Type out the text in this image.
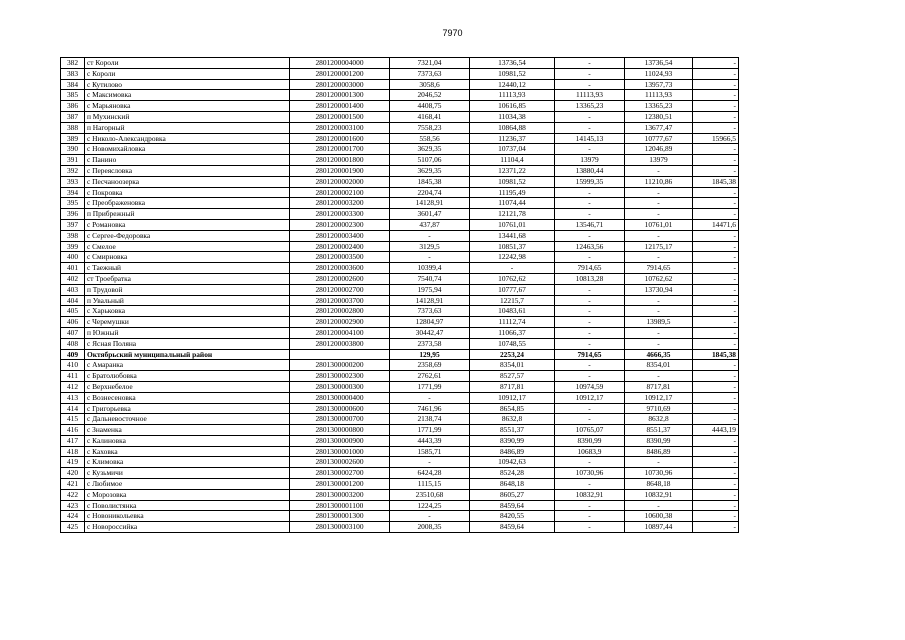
7970
382	ст Короли	2801200004000	7321,04	13736,54	-	13736,54	-
383	с Короли	2801200001200	7373,63	10981,52	-	11024,93	-
384	с Кутилово	2801200003000	3058,6	12440,12	-	13957,73	-
385	с Максимовка	2801200001300	2046,52	11113,93	11113,93	11113,93	-
386	с Марьяновка	2801200001400	4408,75	10616,85	13365,23	13365,23	-
387	п Мухинский	2801200001500	4168,41	11034,38	-	12380,51	-
388	п Нагорный	2801200003100	7558,23	10864,88	-	13677,47	-
389	с Николо-Александровка	2801200001600	558,56	11236,37	14145,13	10777,67	15966,5
390	с Новомихайловка	2801200001700	3629,35	10737,04	-	12046,89	-
391	с Панино	2801200001800	5107,06	11104,4	13979	13979	-
392	с Переясловка	2801200001900	3629,35	12371,22	13880,44	-	-
393	с Песчаноозерка	2801200002000	1845,38	10981,52	15999,35	11210,86	1845,38
394	с Покровка	2801200002100	2204,74	11195,49	-	-	-
395	с Преображеновка	2801200003200	14128,91	11074,44	-	-	-
396	п Прибрежный	2801200003300	3601,47	12121,78	-	-	-
397	с Романовка	2801200002300	437,87	10761,01	13546,71	10761,01	14471,6
398	с Сергее-Федоровка	2801200003400	-	13441,68	-	-	-
399	с Смелое	2801200002400	3129,5	10851,37	12463,56	12175,17	-
400	с Смирновка	2801200003500	-	12242,98	-	-	-
401	с Таежный	2801200003600	10399,4	-	7914,65	7914,65	-
402	ст Троебратка	2801200002600	7540,74	10762,62	10813,28	10762,62	-
403	п Трудовой	2801200002700	1975,94	10777,67	-	13730,94	-
404	п Увальный	2801200003700	14128,91	12215,7	-	-	-
405	с Харьковка	2801200002800	7373,63	10483,61	-	-	-
406	с Черемушки	2801200002900	12804,97	11112,74	-	13989,5	-
407	п Южный	2801200004100	30442,47	11066,37	-	-	-
408	с Ясная Поляна	2801200003800	2373,58	10748,55	-	-	-
409	Октябрьский муниципальный район		129,95	2253,24	7914,65	4666,35	1845,38
410	с Амаранка	2801300000200	2358,69	8354,01	-	8354,01	-
411	с Братолюбовка	2801300002300	2762,61	8527,57	-	-	-
412	с Верхнебелое	2801300000300	1771,99	8717,81	10974,59	8717,81	-
413	с Вознесеновка	2801300000400	-	10912,17	10912,17	10912,17	-
414	с Григорьевка	2801300000600	7461,96	8654,85	-	9710,69	-
415	с Дальневосточное	2801300000700	2138,74	8632,8	-	8632,8	-
416	с Знаменка	2801300000800	1771,99	8551,37	10765,07	8551,37	4443,19
417	с Калиновка	2801300000900	4443,39	8390,99	8390,99	8390,99	-
418	с Каховка	2801300001000	1585,71	8486,89	10683,9	8486,89	-
419	с Климовка	2801300002600	-	10942,63	-	-	-
420	с Кузьмичи	2801300002700	6424,28	8524,28	10730,96	10730,96	-
421	с Любимое	2801300001200	1115,15	8648,18	-	8648,18	-
422	с Морозовка	2801300003200	23510,68	8605,27	10832,91	10832,91	-
423	с Поволистянка	2801300001100	1224,25	8459,64	-	-	-
424	с Новоникольевка	2801300001300	-	8420,55	-	10600,38	-
425	с Новороссийка	2801300003100	2008,35	8459,64	-	10897,44	-
